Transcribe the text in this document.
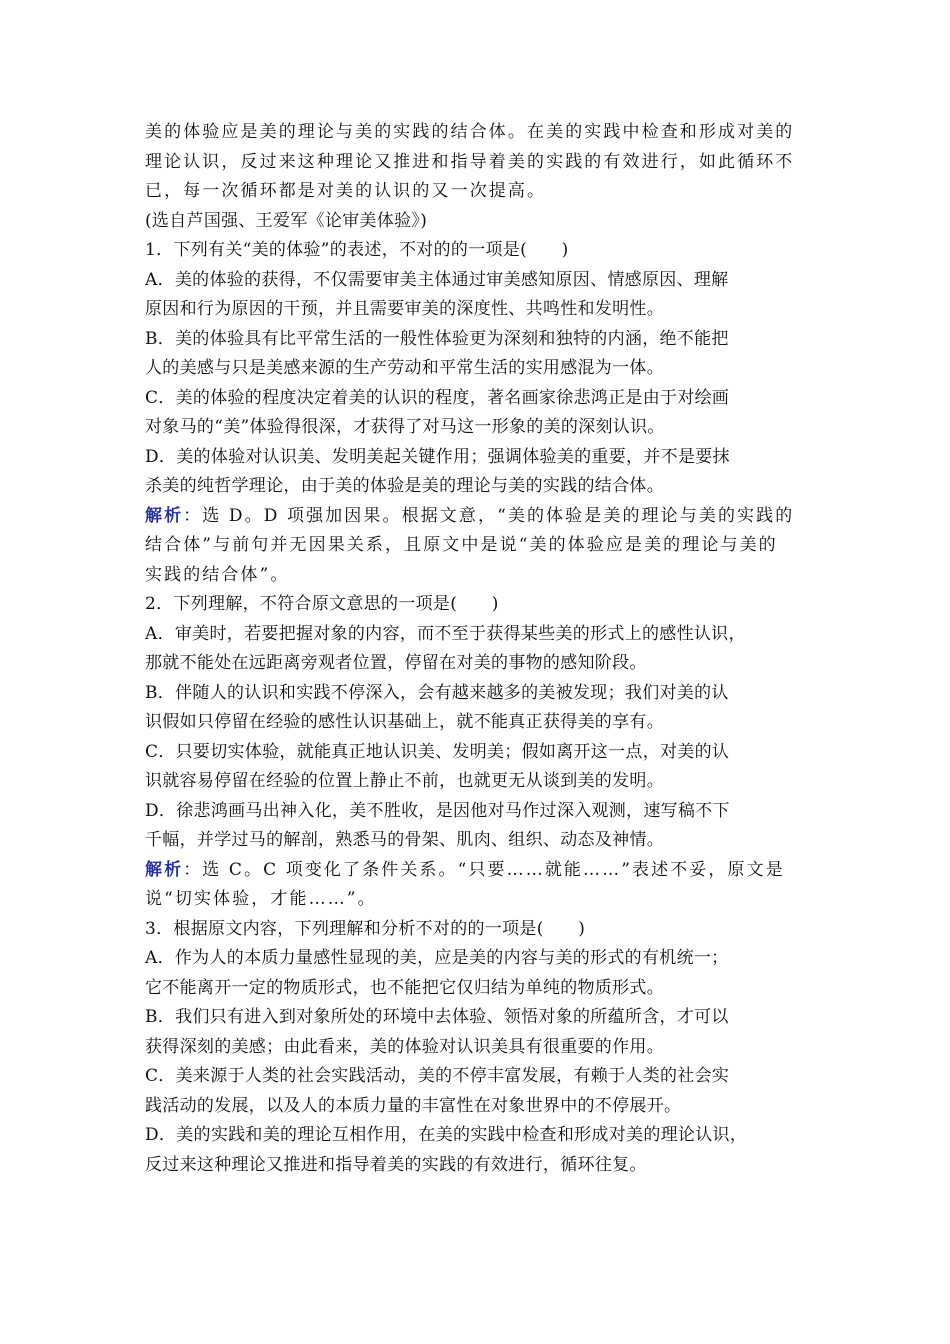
美的体验应是美的理论与美的实践的结合体。在美的实践中检查和形成对美的
理论认识，反过来这种理论又推进和指导着美的实践的有效进行，如此循环不
已，每一次循环都是对美的认识的又一次提高。
(选自芦国强、王爱军《论审美体验》)
1．下列有关“美的体验”的表述，不对的的一项是(　　)
A．美的体验的获得，不仅需要审美主体通过审美感知原因、情感原因、理解
原因和行为原因的干预，并且需要审美的深度性、共鸣性和发明性。
B．美的体验具有比平常生活的一般性体验更为深刻和独特的内涵，绝不能把
人的美感与只是美感来源的生产劳动和平常生活的实用感混为一体。
C．美的体验的程度决定着美的认识的程度，著名画家徐悲鸿正是由于对绘画
对象马的“美”体验得很深，才获得了对马这一形象的美的深刻认识。
D．美的体验对认识美、发明美起关键作用；强调体验美的重要，并不是要抹
杀美的纯哲学理论，由于美的体验是美的理论与美的实践的结合体。
解析：选 D。D 项强加因果。根据文意，“美的体验是美的理论与美的实践的
结合体”与前句并无因果关系，且原文中是说“美的体验应是美的理论与美的
实践的结合体”。
2．下列理解，不符合原文意思的一项是(　　)
A．审美时，若要把握对象的内容，而不至于获得某些美的形式上的感性认识，
那就不能处在远距离旁观者位置，停留在对美的事物的感知阶段。
B．伴随人的认识和实践不停深入，会有越来越多的美被发现；我们对美的认
识假如只停留在经验的感性认识基础上，就不能真正获得美的享有。
C．只要切实体验，就能真正地认识美、发明美；假如离开这一点，对美的认
识就容易停留在经验的位置上静止不前，也就更无从谈到美的发明。
D．徐悲鸿画马出神入化，美不胜收，是因他对马作过深入观测，速写稿不下
千幅，并学过马的解剖，熟悉马的骨架、肌肉、组织、动态及神情。
解析：选 C。C 项变化了条件关系。“只要……就能……”表述不妥，原文是
说“切实体验，才能……”。
3．根据原文内容，下列理解和分析不对的的一项是(　　)
A．作为人的本质力量感性显现的美，应是美的内容与美的形式的有机统一；
它不能离开一定的物质形式，也不能把它仅归结为单纯的物质形式。
B．我们只有进入到对象所处的环境中去体验、领悟对象的所蕴所含，才可以
获得深刻的美感；由此看来，美的体验对认识美具有很重要的作用。
C．美来源于人类的社会实践活动，美的不停丰富发展，有赖于人类的社会实
践活动的发展，以及人的本质力量的丰富性在对象世界中的不停展开。
D．美的实践和美的理论互相作用，在美的实践中检查和形成对美的理论认识，
反过来这种理论又推进和指导着美的实践的有效进行，循环往复。
